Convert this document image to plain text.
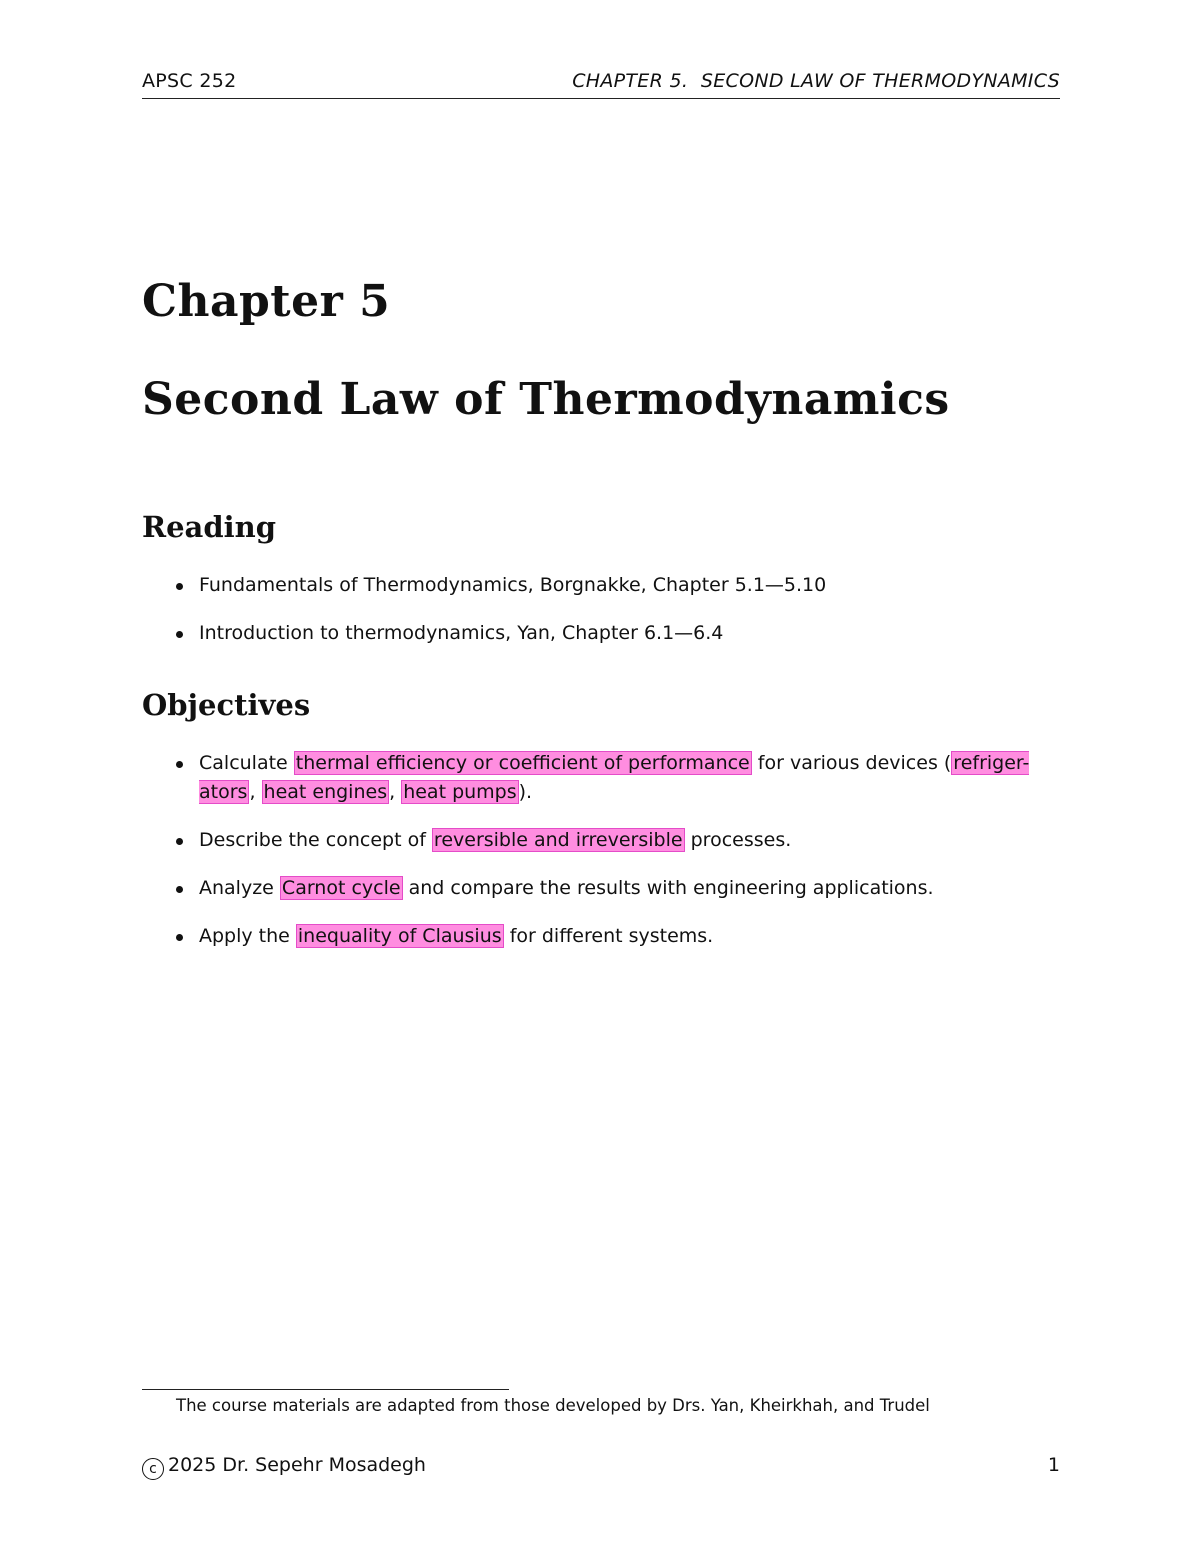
APSC 252	CHAPTER 5.  SECOND LAW OF THERMODYNAMICS
Chapter 5
Second Law of Thermodynamics
Reading
Fundamentals of Thermodynamics, Borgnakke, Chapter 5.1—5.10
Introduction to thermodynamics, Yan, Chapter 6.1—6.4
Objectives
Calculate thermal efficiency or coefficient of performance for various devices ( refriger-ators , heat engines , heat pumps ).
Describe the concept of reversible and irreversible processes.
Analyze Carnot cycle and compare the results with engineering applications.
Apply the inequality of Clausius for different systems.
The course materials are adapted from those developed by Drs. Yan, Kheirkhah, and Trudel
c 2025 Dr. Sepehr Mosadegh	1
